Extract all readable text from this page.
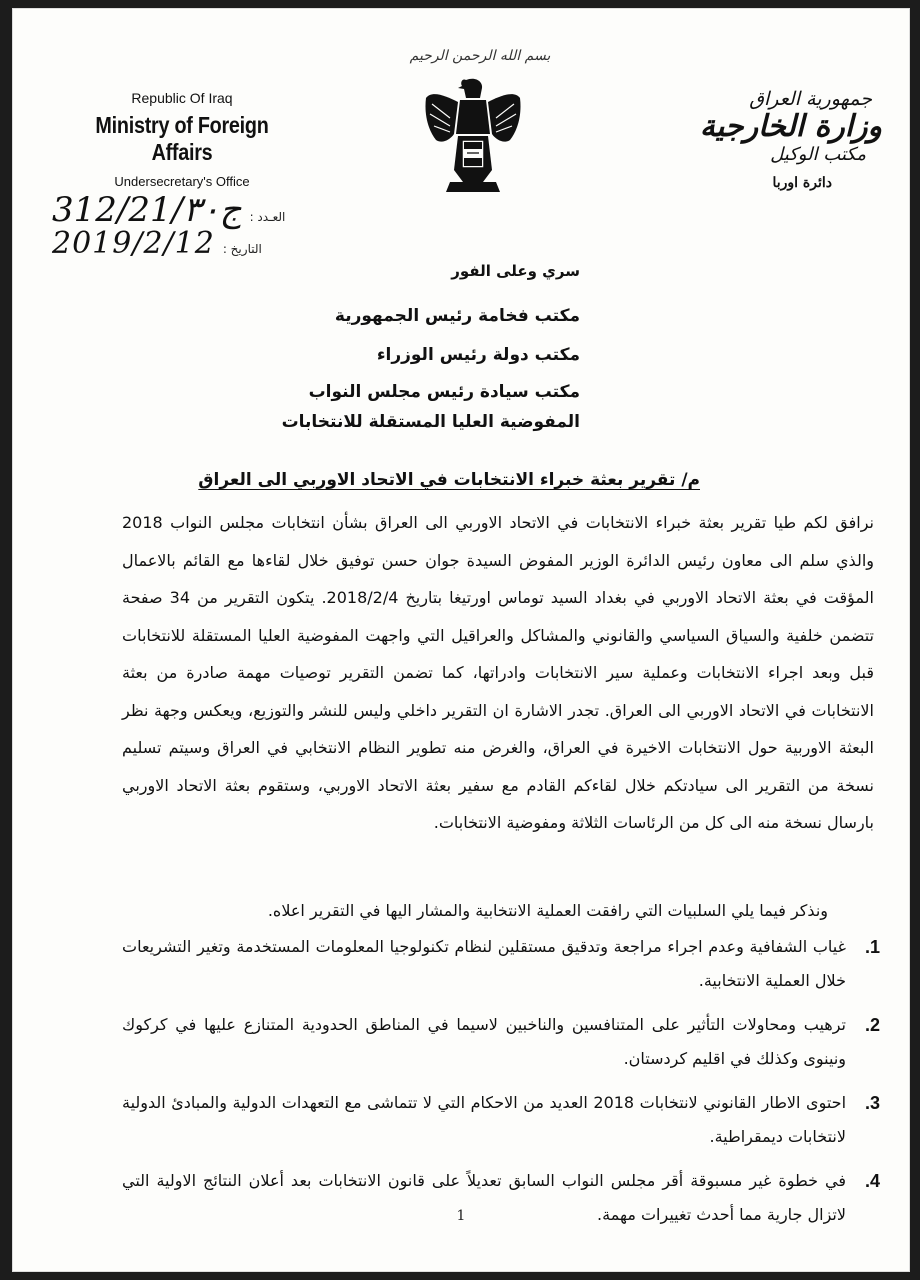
بسم الله الرحمن الرحيم
Republic Of Iraq
Ministry of Foreign Affairs
Undersecretary's Office
جمهورية العراق
وزارة الخارجية
مكتب الوكيل
دائرة اوربا
312/21/ج٣٠ العـدد :
2019/2/12 التاريخ :
سري وعلى الفور
مكتب فخامة رئيس الجمهورية
مكتب دولة رئيس الوزراء
مكتب سيادة رئيس مجلس النواب
المفوضية العليا المستقلة للانتخابات
م/ تقرير بعثة خبراء الانتخابات في الاتحاد الاوربي الى العراق
نرافق لكم طيا تقرير بعثة خبراء الانتخابات في الاتحاد الاوربي الى العراق بشأن انتخابات مجلس النواب 2018 والذي سلم الى معاون رئيس الدائرة الوزير المفوض السيدة جوان حسن توفيق خلال لقاءها مع القائم بالاعمال المؤقت في بعثة الاتحاد الاوربي في بغداد السيد توماس اورتيغا بتاريخ 2018/2/4. يتكون التقرير من 34 صفحة تتضمن خلفية والسياق السياسي والقانوني والمشاكل والعراقيل التي واجهت المفوضية العليا المستقلة للانتخابات قبل وبعد اجراء الانتخابات وعملية سير الانتخابات وادراتها، كما تضمن التقرير توصيات مهمة صادرة من بعثة الانتخابات في الاتحاد الاوربي الى العراق. تجدر الاشارة ان التقرير داخلي وليس للنشر والتوزيع، ويعكس وجهة نظر البعثة الاوربية حول الانتخابات الاخيرة في العراق، والغرض منه تطوير النظام الانتخابي في العراق وسيتم تسليم نسخة من التقرير الى سيادتكم خلال لقاءكم القادم مع سفير بعثة الاتحاد الاوربي، وستقوم بعثة الاتحاد الاوربي بارسال نسخة منه الى كل من الرئاسات الثلاثة ومفوضية الانتخابات.
ونذكر فيما يلي السلبيات التي رافقت العملية الانتخابية والمشار اليها في التقرير اعلاه.
1.
غياب الشفافية وعدم اجراء مراجعة وتدقيق مستقلين لنظام تكنولوجيا المعلومات المستخدمة وتغير التشريعات خلال العملية الانتخابية.
2.
ترهيب ومحاولات التأثير على المتنافسين والناخبين لاسيما في المناطق الحدودية المتنازع عليها في كركوك ونينوى وكذلك في اقليم كردستان.
3.
احتوى الاطار القانوني لانتخابات 2018 العديد من الاحكام التي لا تتماشى مع التعهدات الدولية والمبادئ الدولية لانتخابات ديمقراطية.
4.
في خطوة غير مسبوقة أقر مجلس النواب السابق تعديلاً على قانون الانتخابات بعد أعلان النتائج الاولية التي لاتزال جارية مما أحدث تغييرات مهمة.
1
